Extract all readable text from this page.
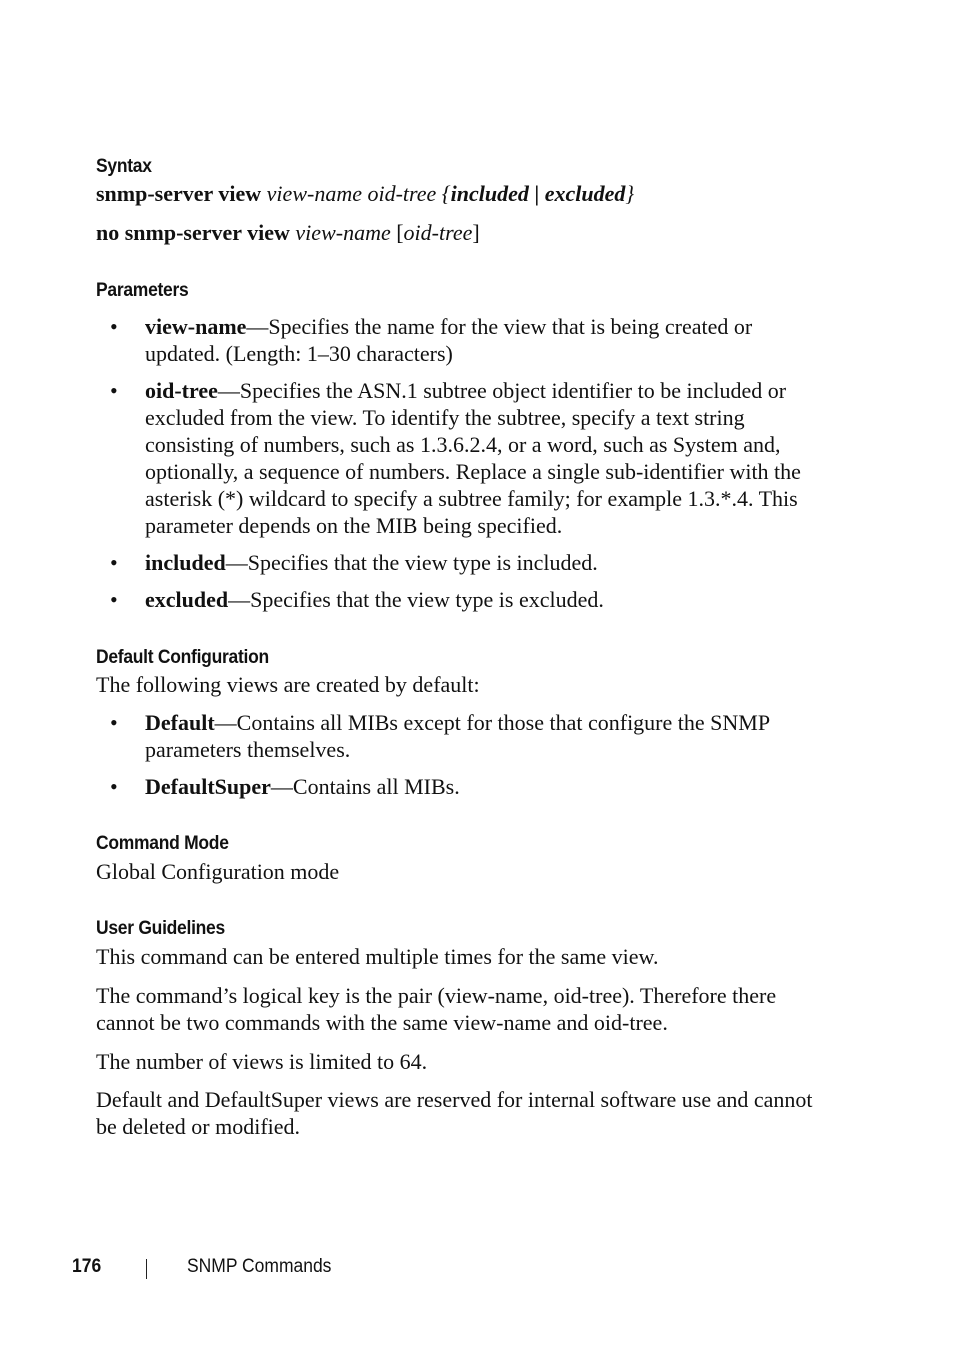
Syntax

snmp-server view view-name oid-tree {included | excluded}

no snmp-server view view-name [oid-tree]

Parameters
• view-name—Specifies the name for the view that is being created or updated. (Length: 1–30 characters)
• oid-tree—Specifies the ASN.1 subtree object identifier to be included or excluded from the view. To identify the subtree, specify a text string consisting of numbers, such as 1.3.6.2.4, or a word, such as System and, optionally, a sequence of numbers. Replace a single sub-identifier with the asterisk (*) wildcard to specify a subtree family; for example 1.3.*.4. This parameter depends on the MIB being specified.
• included—Specifies that the view type is included.
• excluded—Specifies that the view type is excluded.
Default Configuration

The following views are created by default:

• Default—Contains all MIBs except for those that configure the SNMP parameters themselves.
• DefaultSuper—Contains all MIBs.
Command Mode

Global Configuration mode

User Guidelines

This command can be entered multiple times for the same view.

The command’s logical key is the pair (view-name, oid-tree). Therefore there cannot be two commands with the same view-name and oid-tree.

The number of views is limited to 64.

Default and DefaultSuper views are reserved for internal software use and cannot be deleted or modified.

176	SNMP Commands
